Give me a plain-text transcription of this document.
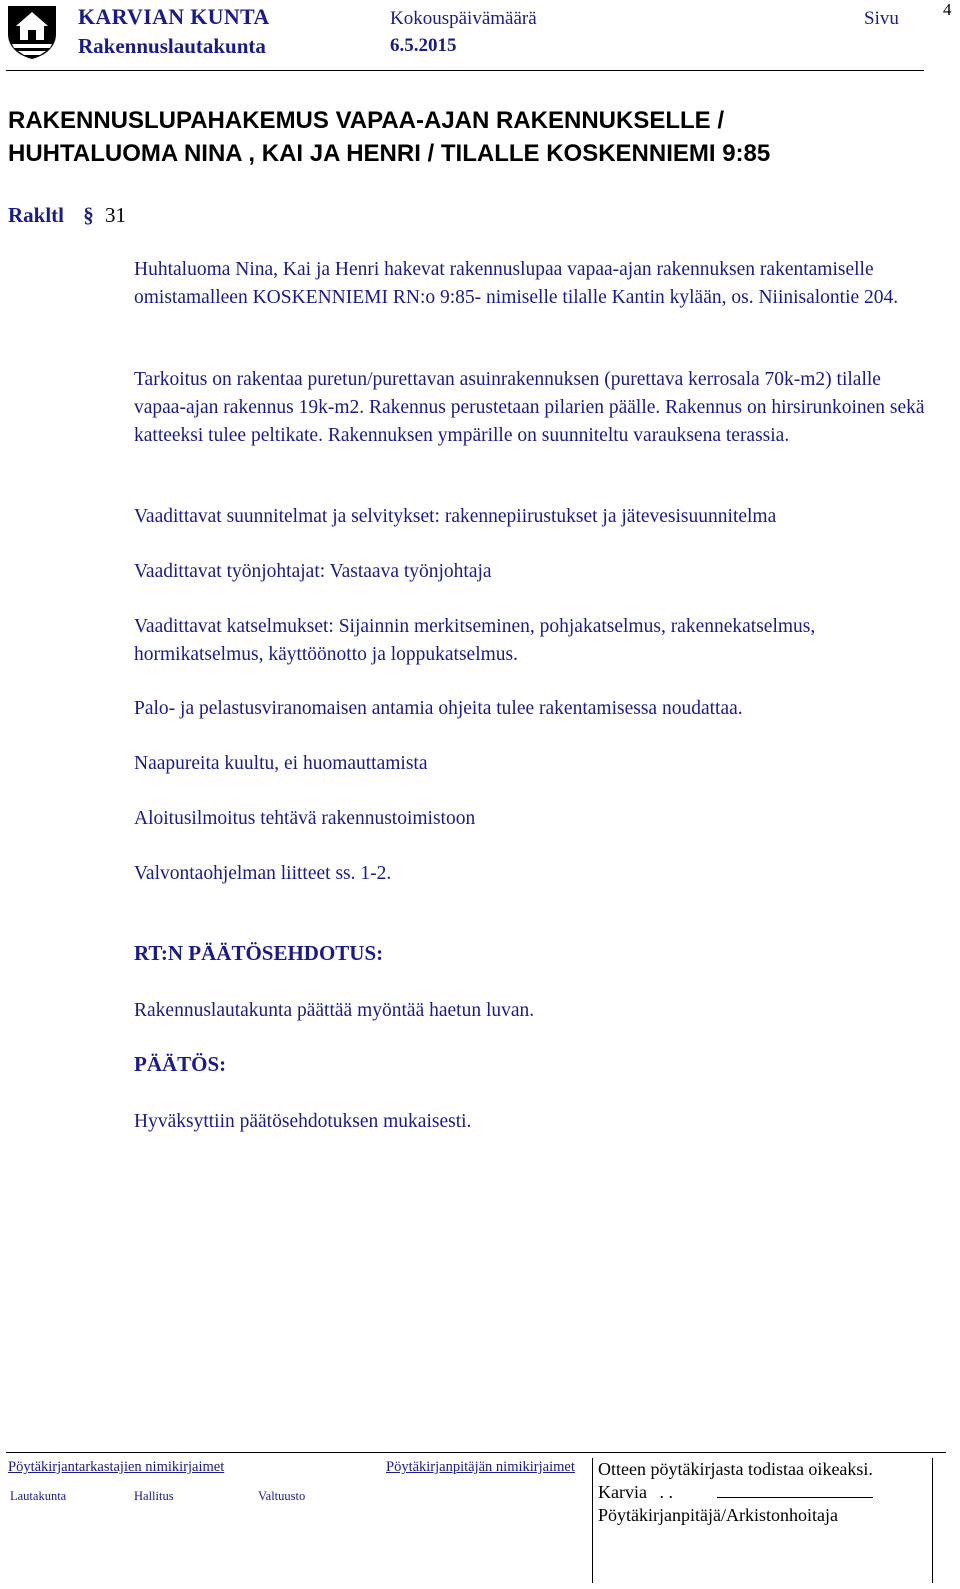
KARVIAN KUNTA
Rakennuslautakunta
Kokouspäivämäärä
6.5.2015
Sivu	4
RAKENNUSLUPAHAKEMUS VAPAA-AJAN RAKENNUKSELLE /
HUHTALUOMA NINA , KAI JA HENRI / TILALLE KOSKENNIEMI 9:85
Rakltl § 31
Huhtaluoma Nina, Kai ja Henri hakevat rakennuslupaa vapaa-ajan rakennuksen rakentamiselle omistamalleen KOSKENNIEMI RN:o 9:85- nimiselle tilalle Kantin kylään, os. Niinisalontie 204.
Tarkoitus on rakentaa puretun/purettavan asuinrakennuksen (purettava kerrosala 70k-m2) tilalle vapaa-ajan rakennus 19k-m2. Rakennus perustetaan pilarien päälle. Rakennus on hirsirunkoinen sekä katteeksi tulee peltikate. Rakennuksen ympärille on suunniteltu varauksena terassia.
Vaadittavat suunnitelmat ja selvitykset: rakennepiirustukset ja jätevesisuunnitelma
Vaadittavat työnjohtajat: Vastaava työnjohtaja
Vaadittavat katselmukset: Sijainnin merkitseminen, pohjakatselmus, rakennekatselmus, hormikatselmus, käyttöönotto ja loppukatselmus.
Palo- ja pelastusviranomaisen antamia ohjeita tulee rakentamisessa noudattaa.
Naapureita kuultu, ei huomauttamista
Aloitusilmoitus tehtävä rakennustoimistoon
Valvontaohjelman liitteet ss. 1-2.
RT:N PÄÄTÖSEHDOTUS:
Rakennuslautakunta päättää myöntää haetun luvan.
PÄÄTÖS:
Hyväksyttiin päätösehdotuksen mukaisesti.
Pöytäkirjantarkastajien nimikirjaimet	Pöytäkirjanpitäjän nimikirjaimet
Lautakunta	Hallitus	Valtuusto
Otteen pöytäkirjasta todistaa oikeaksi.
Karvia . .
Pöytäkirjanpitäjä/Arkistonhoitaja
